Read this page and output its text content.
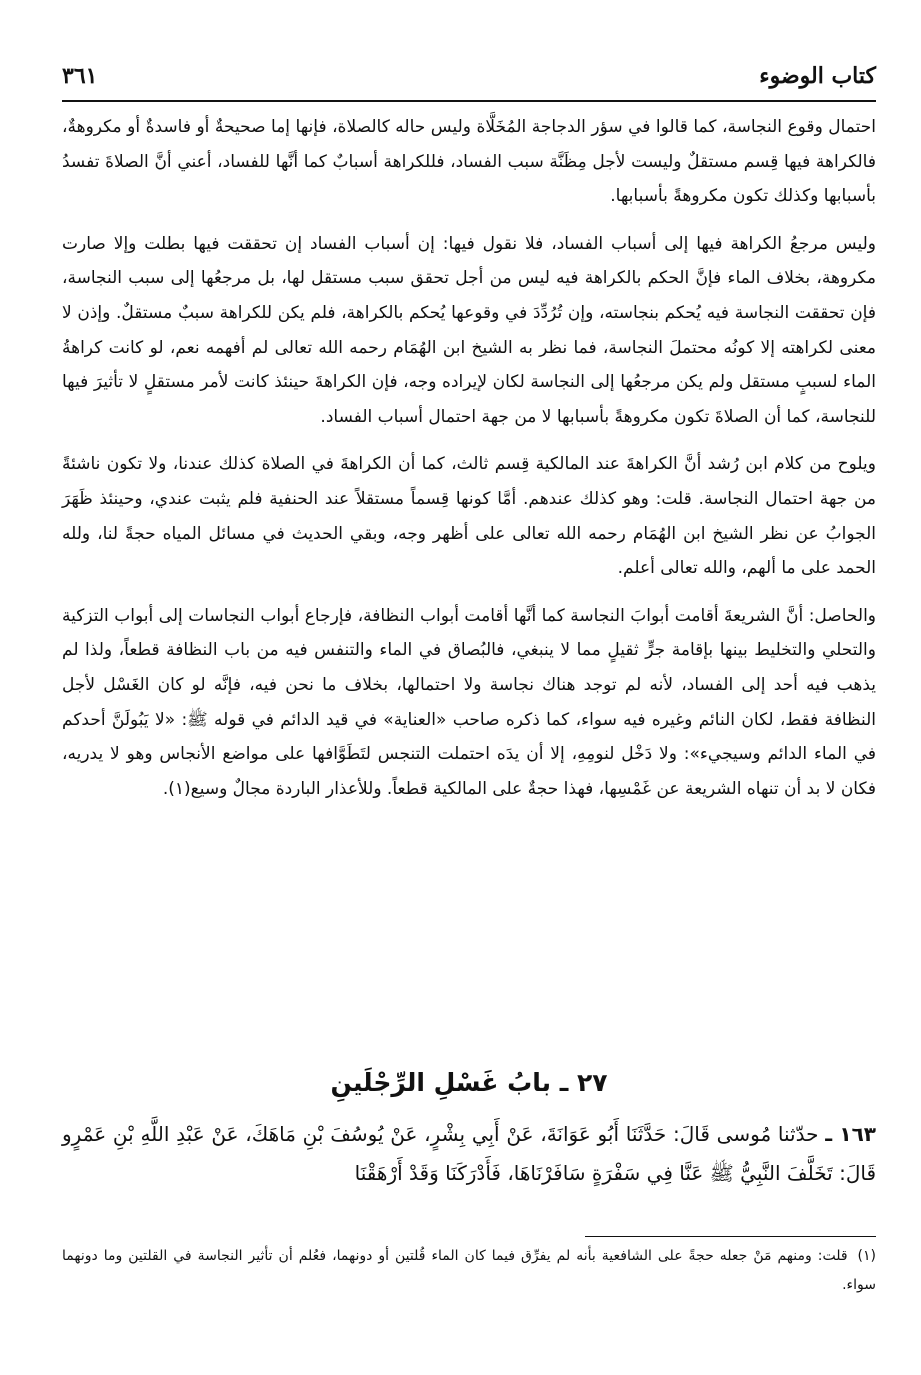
كتاب الوضوء
٣٦١

احتمال وقوع النجاسة، كما قالوا في سؤر الدجاجة المُخَلَّاة وليس حاله كالصلاة، فإنها إما صحيحةٌ أو فاسدةٌ أو مكروهةٌ، فالكراهة فيها قِسم مستقلٌ وليست لأجل مِظَنَّة سبب الفساد، فللكراهة أسبابٌ كما أنَّها للفساد، أعني أنَّ الصلاةَ تفسدُ بأسبابها وكذلك تكون مكروهةً بأسبابها.

وليس مرجعُ الكراهة فيها إلى أسباب الفساد، فلا نقول فيها: إن أسباب الفساد إن تحققت فيها بطلت وإلا صارت مكروهة، بخلاف الماء فإنَّ الحكم بالكراهة فيه ليس من أجل تحقق سبب مستقل لها، بل مرجعُها إلى سبب النجاسة، فإن تحققت النجاسة فيه يُحكم بنجاسته، وإن تُرُدِّدَ في وقوعها يُحكم بالكراهة، فلم يكن للكراهة سببٌ مستقلٌ. وإذن لا معنى لكراهته إلا كونُه محتملَ النجاسة، فما نظر به الشيخ ابن الهُمَام رحمه الله تعالى لم أفهمه نعم، لو كانت كراهةُ الماء لسببٍ مستقل ولم يكن مرجعُها إلى النجاسة لكان لإيراده وجه، فإن الكراهةَ حينئذ كانت لأمر مستقلٍ لا تأثيرَ فيها للنجاسة، كما أن الصلاةَ تكون مكروهةً بأسبابها لا من جهة احتمال أسباب الفساد.

ويلوح من كلام ابن رُشد أنَّ الكراهةَ عند المالكية قِسم ثالث، كما أن الكراهةَ في الصلاة كذلك عندنا، ولا تكون ناشئةً من جهة احتمال النجاسة. قلت: وهو كذلك عندهم. أمَّا كونها قِسماً مستقلاً عند الحنفية فلم يثبت عندي، وحينئذ ظَهَرَ الجوابُ عن نظر الشيخ ابن الهُمَام رحمه الله تعالى على أظهر وجه، وبقي الحديث في مسائل المياه حجةً لنا، ولله الحمد على ما ألهم، والله تعالى أعلم.

والحاصل: أنَّ الشريعةَ أقامت أبوابَ النجاسة كما أنَّها أقامت أبواب النظافة، فإرجاع أبواب النجاسات إلى أبواب التزكية والتحلي والتخليط بينها بإقامة جرٍّ ثقيلٍ مما لا ينبغي، فالبُصاق في الماء والتنفس فيه من باب النظافة قطعاً، ولذا لم يذهب فيه أحد إلى الفساد، لأنه لم توجد هناك نجاسة ولا احتمالها، بخلاف ما نحن فيه، فإنَّه لو كان الغَسْل لأجل النظافة فقط، لكان النائم وغيره فيه سواء، كما ذكره صاحب «العناية» في قيد الدائم في قوله ﷺ: «لا يَبُولَنَّ أحدكم في الماء الدائم وسيجيء»: ولا دَخْل لنومِهِ، إلا أن يدَه احتملت التنجس لتَطَوَّافها على مواضع الأنجاس وهو لا يدريه، فكان لا بد أن تنهاه الشريعة عن غَمْسِها، فهذا حجةٌ على المالكية قطعاً. وللأعذار الباردة مجالٌ وسيع(١).

٢٧ ـ بابُ غَسْلِ الرِّجْلَينِ

١٦٣ ـ حدّثنا مُوسى قَالَ: حَدَّثَنَا أَبُو عَوَانَةَ، عَنْ أَبِي بِشْرٍ، عَنْ يُوسُفَ بْنِ مَاهَكَ، عَنْ عَبْدِ اللَّهِ بْنِ عَمْرٍو قَالَ: تَخَلَّفَ النَّبِيُّ ﷺ عَنَّا فِي سَفْرَةٍ سَافَرْنَاهَا، فَأَدْرَكَنَا وَقَدْ أَرْهَقْنَا

(١)قلت: ومنهم مَنْ جعله حجةً على الشافعية بأنه لم يفرِّق فيما كان الماء قُلتين أو دونهما، فعُلم أن تأثير النجاسة في القلتين وما دونهما سواء.
